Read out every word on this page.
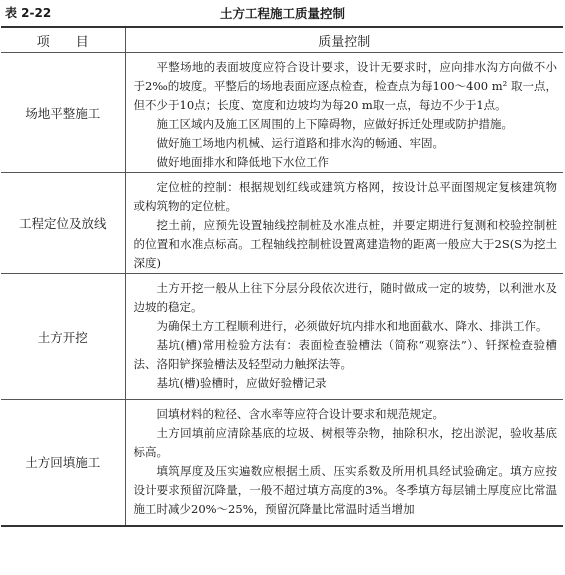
表 2-22	土方工程施工质量控制
项　　目	质量控制
场地平整施工	平整场地的表面坡度应符合设计要求，设计无要求时，应向排水沟方向做不小于2‰的坡度。平整后的场地表面应逐点检查，检查点为每100～400 m² 取一点，但不少于10点；长度、宽度和边坡均为每20 m取一点，每边不少于1点。

施工区域内及施工区周围的上下障碍物，应做好拆迁处理或防护措施。

做好施工场地内机械、运行道路和排水沟的畅通、牢固。

做好地面排水和降低地下水位工作

工程定位及放线	定位桩的控制：根据规划红线或建筑方格网，按设计总平面图规定复核建筑物或构筑物的定位桩。

挖土前，应预先设置轴线控制桩及水准点桩，并要定期进行复测和校验控制桩的位置和水准点标高。工程轴线控制桩设置离建造物的距离一般应大于2S(S为挖土深度)

土方开挖	土方开挖一般从上往下分层分段依次进行，随时做成一定的坡势，以利泄水及边坡的稳定。

为确保土方工程顺利进行，必须做好坑内排水和地面截水、降水、排洪工作。

基坑(槽)常用检验方法有：表面检查验槽法（简称“观察法”）、钎探检查验槽法、洛阳铲探验槽法及轻型动力触探法等。

基坑(槽)验槽时，应做好验槽记录

土方回填施工	回填材料的粒径、含水率等应符合设计要求和规范规定。

土方回填前应清除基底的垃圾、树根等杂物，抽除积水，挖出淤泥，验收基底标高。

填筑厚度及压实遍数应根据土质、压实系数及所用机具经试验确定。填方应按设计要求预留沉降量，一般不超过填方高度的3%。冬季填方每层铺土厚度应比常温施工时减少20%～25%，预留沉降量比常温时适当增加
